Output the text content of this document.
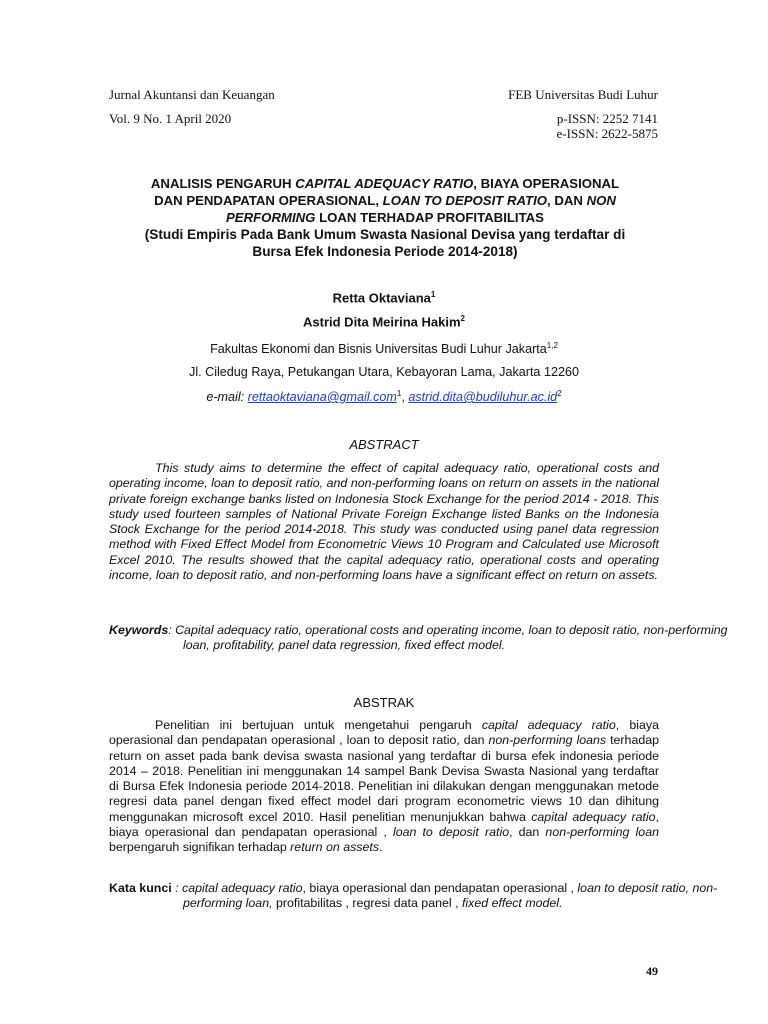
Jurnal Akuntansi dan Keuangan	FEB Universitas Budi Luhur
Vol. 9 No. 1 April 2020	p-ISSN: 2252 7141
e-ISSN: 2622-5875
ANALISIS PENGARUH CAPITAL ADEQUACY RATIO, BIAYA OPERASIONAL
DAN PENDAPATAN OPERASIONAL, LOAN TO DEPOSIT RATIO, DAN NON
PERFORMING LOAN TERHADAP PROFITABILITAS
(Studi Empiris Pada Bank Umum Swasta Nasional Devisa yang terdaftar di
Bursa Efek Indonesia Periode 2014-2018)
Retta Oktaviana$^1$
Astrid Dita Meirina Hakim$^2$
Fakultas Ekonomi dan Bisnis Universitas Budi Luhur Jakarta$^{1,2}$
Jl. Ciledug Raya, Petukangan Utara, Kebayoran Lama, Jakarta 12260
e-mail: rettaoktaviana@gmail.com$^1$, $astrid.dita@budiluhur.ac.id^2$
ABSTRACT
This study aims to determine the effect of capital adequacy ratio, operational costs and operating income, loan to deposit ratio, and non-performing loans on return on assets in the national private foreign exchange banks listed on Indonesia Stock Exchange for the period 2014 - 2018. This study used fourteen samples of National Private Foreign Exchange listed Banks on the Indonesia Stock Exchange for the period 2014-2018. This study was conducted using panel data regression method with Fixed Effect Model from Econometric Views 10 Program and Calculated use Microsoft Excel 2010. The results showed that the capital adequacy ratio, operational costs and operating income, loan to deposit ratio, and non-performing loans have a significant effect on return on assets.
Keywords: Capital adequacy ratio, operational costs and operating income, loan to deposit ratio, non-performing loan, profitability, panel data regression, fixed effect model.
ABSTRAK
Penelitian ini bertujuan untuk mengetahui pengaruh capital adequacy ratio, biaya operasional dan pendapatan operasional , loan to deposit ratio, dan non-performing loans terhadap return on asset pada bank devisa swasta nasional yang terdaftar di bursa efek indonesia periode 2014 – 2018. Penelitian ini menggunakan 14 sampel Bank Devisa Swasta Nasional yang terdaftar di Bursa Efek Indonesia periode 2014-2018. Penelitian ini dilakukan dengan menggunakan metode regresi data panel dengan fixed effect model dari program econometric views 10 dan dihitung menggunakan microsoft excel 2010. Hasil penelitian menunjukkan bahwa capital adequacy ratio, biaya operasional dan pendapatan operasional , loan to deposit ratio, dan non-performing loan berpengaruh signifikan terhadap return on assets.
Kata kunci : capital adequacy ratio, biaya operasional dan pendapatan operasional , loan to deposit ratio, non-performing loan, profitabilitas , regresi data panel , fixed effect model.
49
